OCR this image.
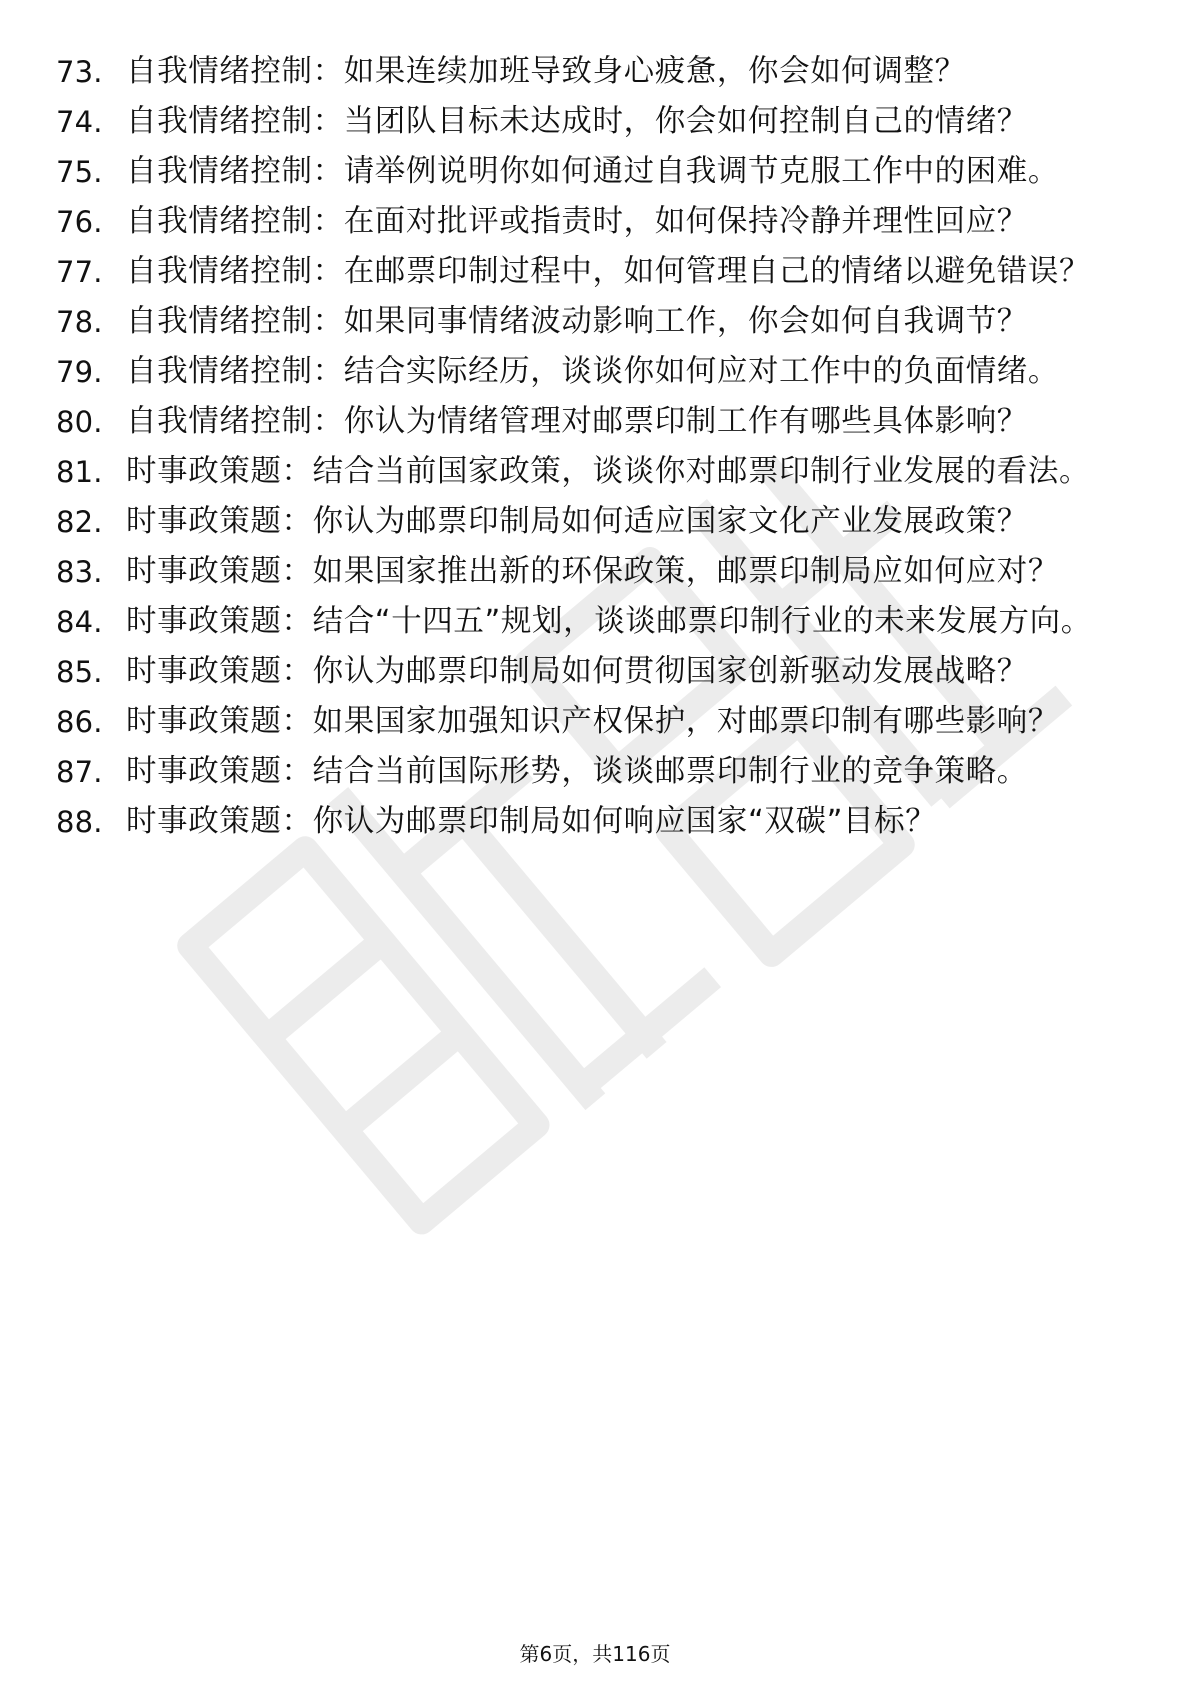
73. 自我情绪控制：如果连续加班导致身心疲惫，你会如何调整？
74. 自我情绪控制：当团队目标未达成时，你会如何控制自己的情绪？
75. 自我情绪控制：请举例说明你如何通过自我调节克服工作中的困难。
76. 自我情绪控制：在面对批评或指责时，如何保持冷静并理性回应？
77. 自我情绪控制：在邮票印制过程中，如何管理自己的情绪以避免错误？
78. 自我情绪控制：如果同事情绪波动影响工作，你会如何自我调节？
79. 自我情绪控制：结合实际经历，谈谈你如何应对工作中的负面情绪。
80. 自我情绪控制：你认为情绪管理对邮票印制工作有哪些具体影响？
81. 时事政策题：结合当前国家政策，谈谈你对邮票印制行业发展的看法。
82. 时事政策题：你认为邮票印制局如何适应国家文化产业发展政策？
83. 时事政策题：如果国家推出新的环保政策，邮票印制局应如何应对？
84. 时事政策题：结合“十四五”规划，谈谈邮票印制行业的未来发展方向。
85. 时事政策题：你认为邮票印制局如何贯彻国家创新驱动发展战略？
86. 时事政策题：如果国家加强知识产权保护，对邮票印制有哪些影响？
87. 时事政策题：结合当前国际形势，谈谈邮票印制行业的竞争策略。
88. 时事政策题：你认为邮票印制局如何响应国家“双碳”目标？
第6页，共116页
